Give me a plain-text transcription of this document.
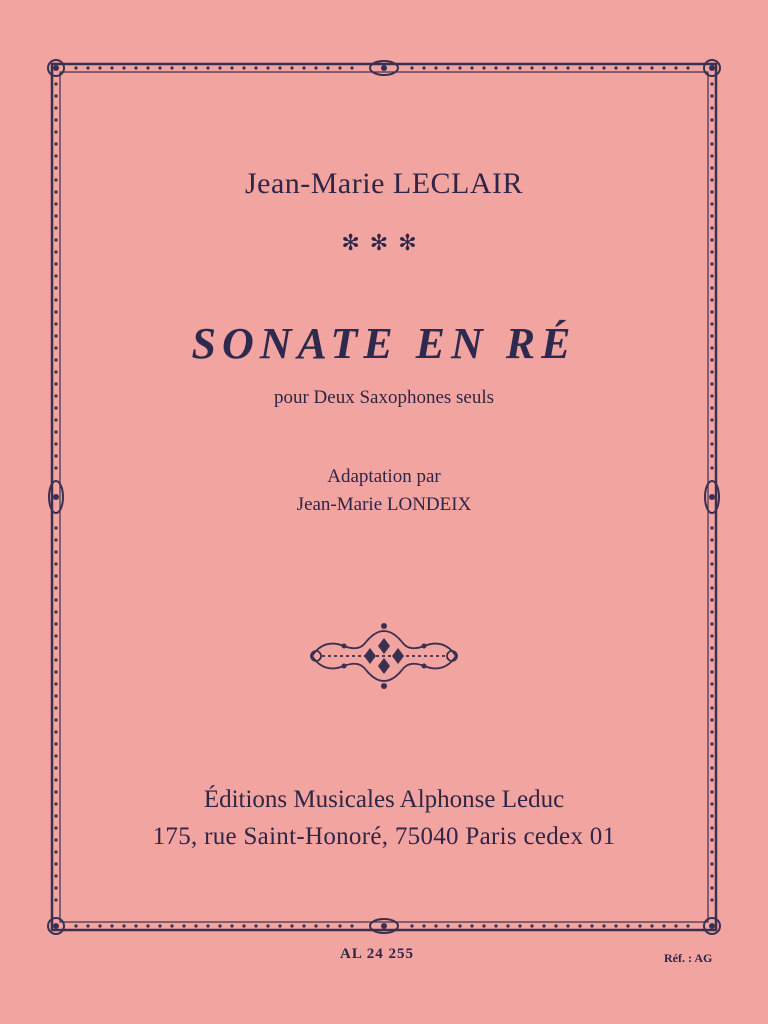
Jean-Marie LECLAIR
✻✻✻
SONATE EN RÉ
pour Deux Saxophones seuls
Adaptation par
Jean-Marie LONDEIX
Éditions Musicales Alphonse Leduc
175, rue Saint-Honoré, 75040 Paris cedex 01
AL 24 255	Réf. : AG
